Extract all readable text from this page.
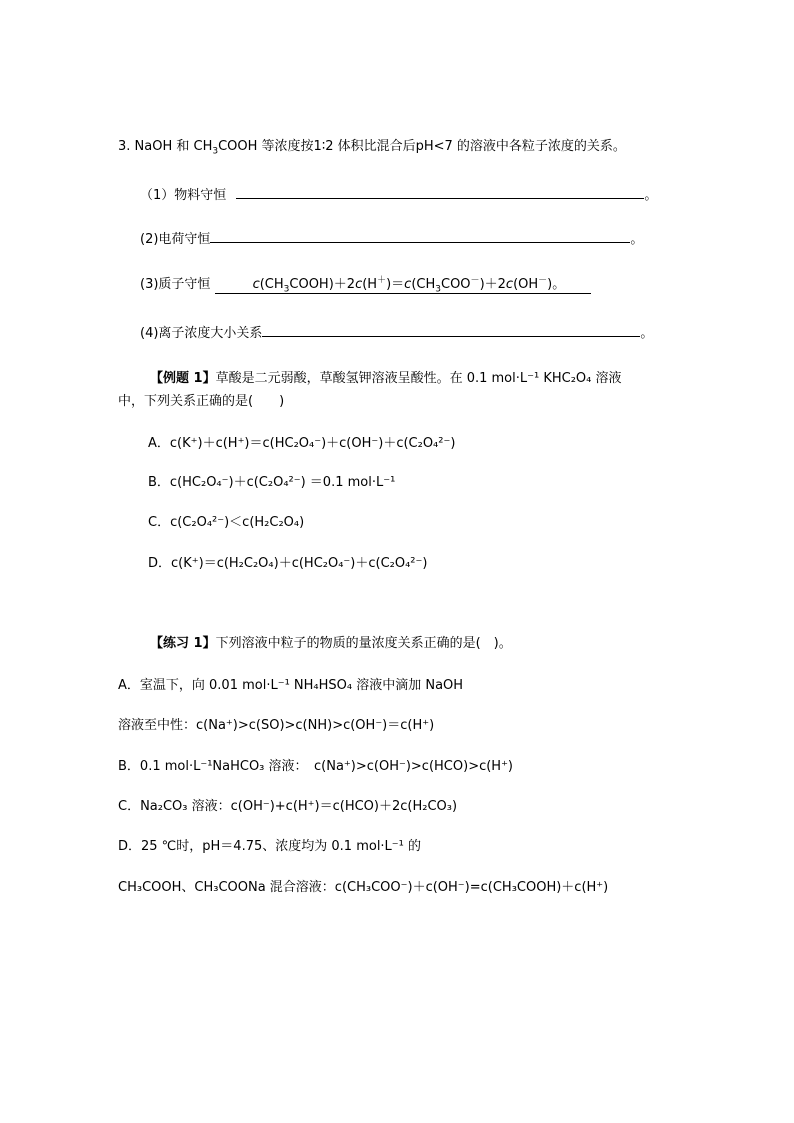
3. NaOH 和 $CH_3COOH$ 等浓度按1∶2 体积比混合后pH<7 的溶液中各粒子浓度的关系。
（1）物料守恒	。
(2)电荷守恒	。
(3)质子守恒	$c(CH_3COOH)+2c(H^+)=c(CH_3COO^-)+2c(OH^-)$。
(4)离子浓度大小关系	。
【例题 1】草酸是二元弱酸，草酸氢钾溶液呈酸性。在 0.1 mol·L⁻¹ KHC₂O₄ 溶液
中，下列关系正确的是(　　)
A．c(K⁺)＋c(H⁺)＝c(HC₂O₄⁻)＋c(OH⁻)＋c(C₂O₄²⁻)
B．c(HC₂O₄⁻)＋c(C₂O₄²⁻) ＝0.1 mol·L⁻¹
C．c(C₂O₄²⁻)＜c(H₂C₂O₄)
D．c(K⁺)＝c(H₂C₂O₄)＋c(HC₂O₄⁻)＋c(C₂O₄²⁻)
【练习 1】下列溶液中粒子的物质的量浓度关系正确的是(　)。
A．室温下，向 0.01 mol·L⁻¹ NH₄HSO₄ 溶液中滴加 NaOH
溶液至中性：c(Na⁺)>c(SO)>c(NH)>c(OH⁻)＝c(H⁺)
B．0.1 mol·L⁻¹NaHCO₃ 溶液：　c(Na⁺)>c(OH⁻)>c(HCO)>c(H⁺)
C．Na₂CO₃ 溶液：c(OH⁻)+c(H⁺)＝c(HCO)＋2c(H₂CO₃)
D．25 ℃时，pH＝4.75、浓度均为 0.1 mol·L⁻¹ 的
CH₃COOH、CH₃COONa 混合溶液：c(CH₃COO⁻)＋c(OH⁻)=c(CH₃COOH)＋c(H⁺)
